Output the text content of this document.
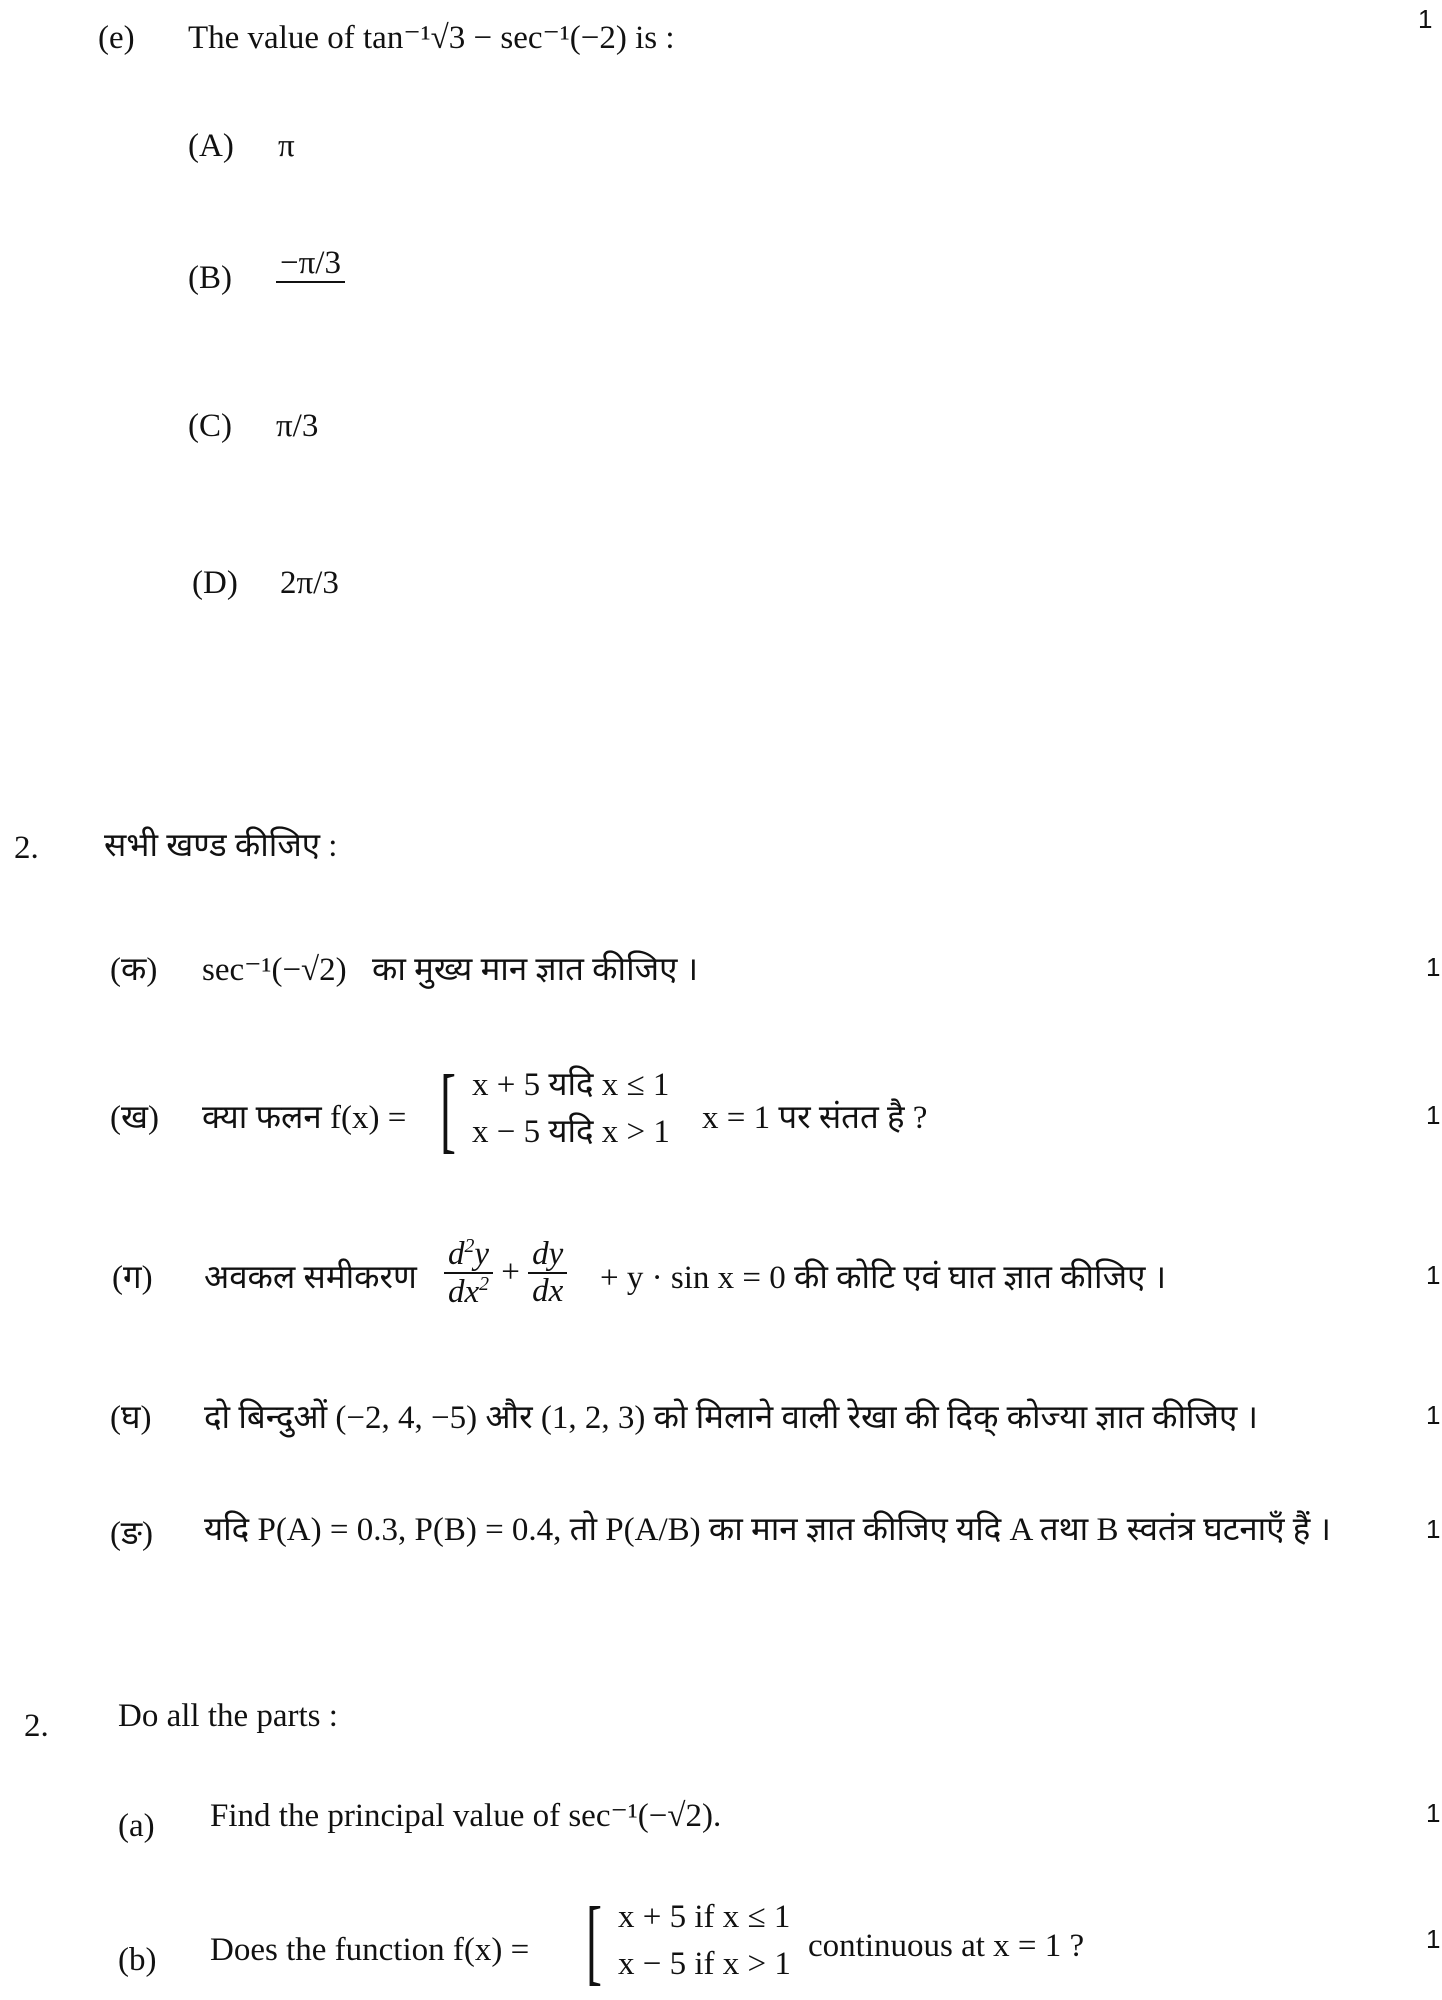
1
(e) The value of tan⁻¹√3 − sec⁻¹(−2) is :
(A) π
(B) −π/3
(C) π/3
(D) 2π/3
2. सभी खण्ड कीजिए :
(क) sec⁻¹(−√2) का मुख्य मान ज्ञात कीजिए ।	1
(ख) क्या फलन f(x) = [ x + 5 यदि x ≤ 1
x − 5 यदि x > 1 x = 1 पर संतत है ?	1
(ग) अवकल समीकरण $\frac{d^2y}{dx^2} + \frac{dy}{dx} + y \cdot \sin x = 0$ की कोटि एवं घात ज्ञात कीजिए ।	1
(घ) दो बिन्दुओं (−2, 4, −5) और (1, 2, 3) को मिलाने वाली रेखा की दिक् कोज्या ज्ञात कीजिए ।	1
(ङ) यदि P(A) = 0.3, P(B) = 0.4, तो P(A/B) का मान ज्ञात कीजिए यदि A तथा B स्वतंत्र घटनाएँ हैं ।	1
2. Do all the parts :
(a) Find the principal value of sec⁻¹(−√2).	1
(b) Does the function f(x) = [ x + 5 if x ≤ 1
x − 5 if x > 1
continuous at x = 1 ?	1
